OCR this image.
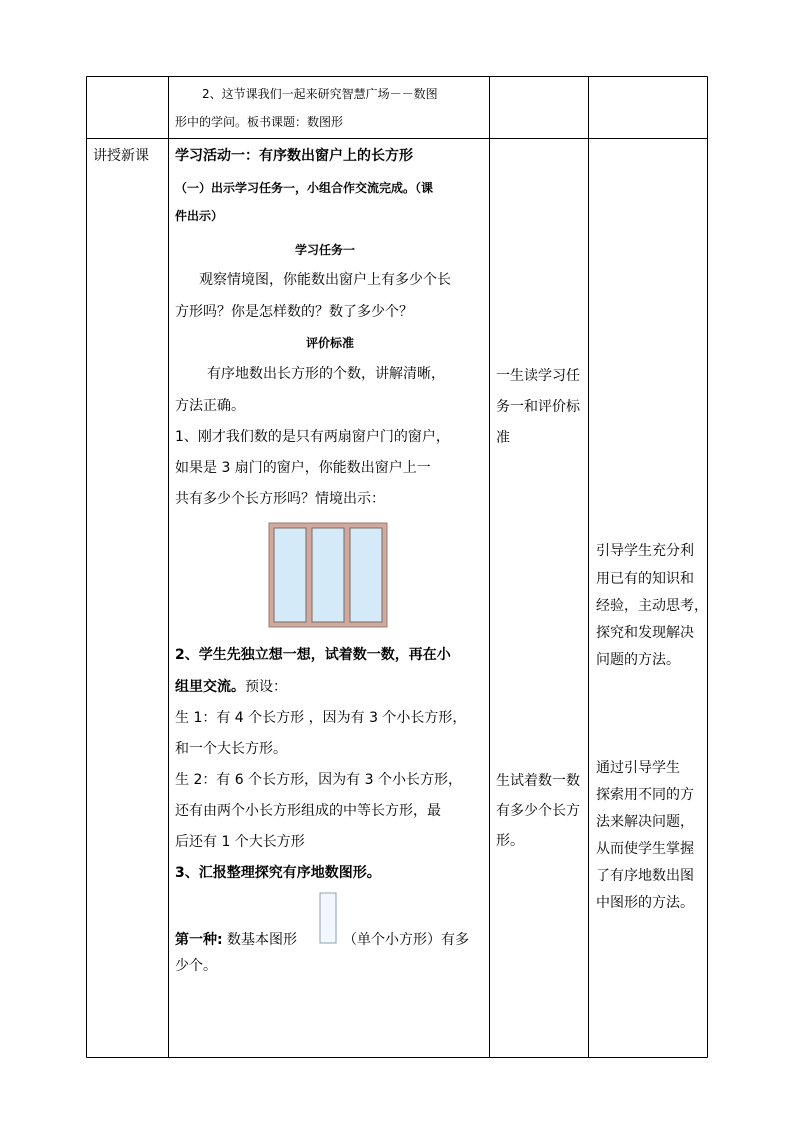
2、这节课我们一起来研究智慧广场－－数图
形中的学问。板书课题：数图形
讲授新课 学习活动一：有序数出窗户上的长方形
（一）出示学习任务一，小组合作交流完成。（课
件出示）
学习任务一
观察情境图，你能数出窗户上有多少个长
方形吗？你是怎样数的？数了多少个？
评价标准
有序地数出长方形的个数，讲解清晰，
方法正确。
1、刚才我们数的是只有两扇窗户门的窗户，
如果是 3 扇门的窗户，你能数出窗户上一
共有多少个长方形吗？情境出示：
2、学生先独立想一想，试着数一数，再在小
组里交流。预设：
生 1：有 4 个长方形 ，因为有 3 个小长方形，
和一个大长方形。
生 2：有 6 个长方形，因为有 3 个小长方形，
还有由两个小长方形组成的中等长方形，最
后还有 1 个大长方形
3、汇报整理探究有序地数图形。
第一种: 数基本图形	（单个小方形）有多
少个。
一生读学习任
务一和评价标
准
生试着数一数
有多少个长方
形。
引导学生充分利
用已有的知识和
经验，主动思考，
探究和发现解决
问题的方法。
通过引导学生
探索用不同的方
法来解决问题，
从而使学生掌握
了有序地数出图
中图形的方法。
